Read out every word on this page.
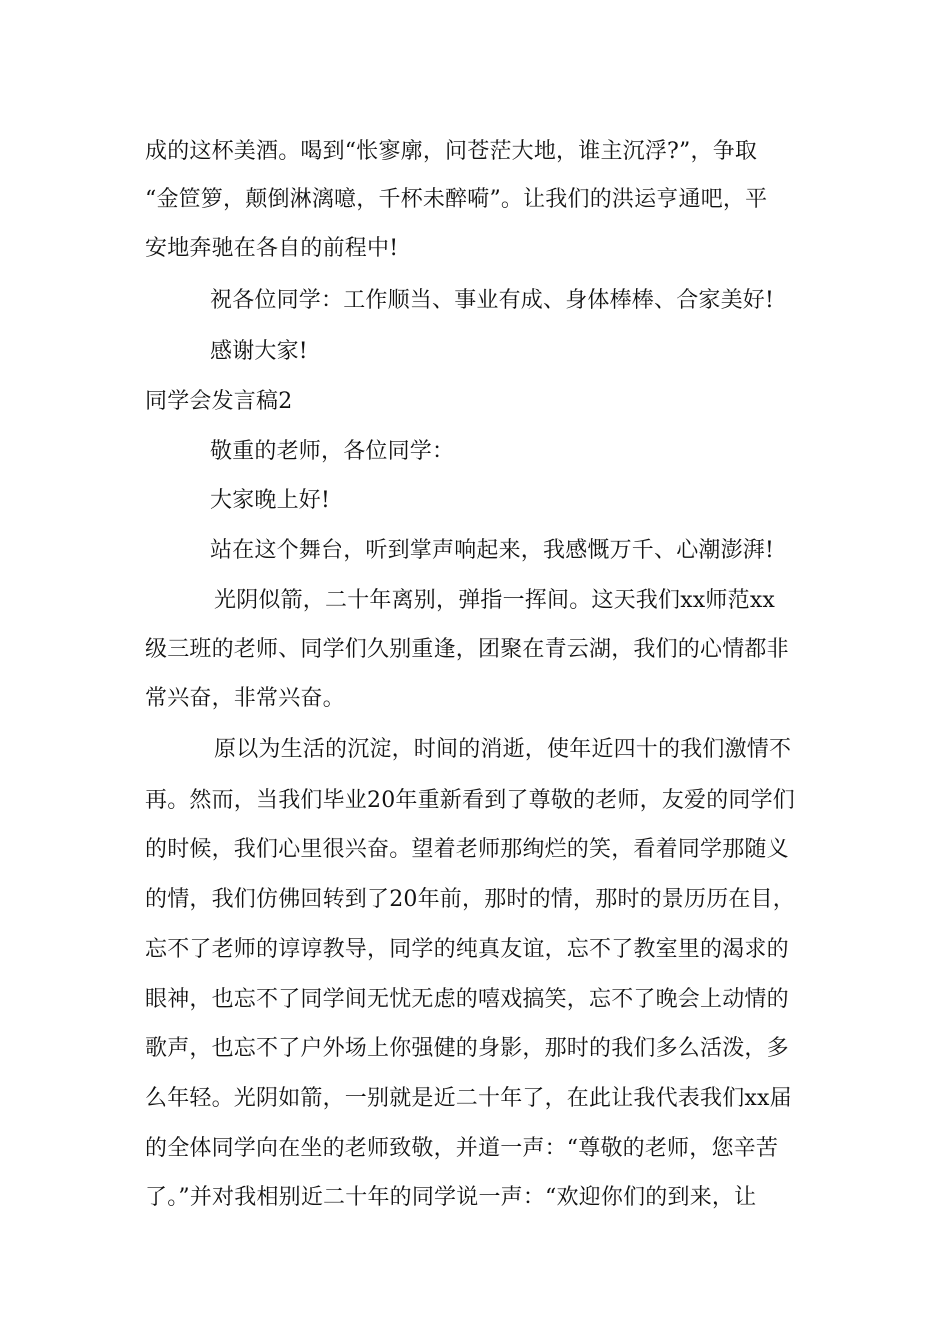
成的这杯美酒。喝到“怅寥廓，问苍茫大地，谁主沉浮?”，争取
“金笸箩，颠倒淋漓噫，千杯未醉嗬”。让我们的洪运亨通吧，平
安地奔驰在各自的前程中!
祝各位同学：工作顺当、事业有成、身体棒棒、合家美好!
感谢大家!
同学会发言稿2
敬重的老师，各位同学：
大家晚上好!
站在这个舞台，听到掌声响起来，我感慨万千、心潮澎湃!
光阴似箭，二十年离别，弹指一挥间。这天我们xx师范xx
级三班的老师、同学们久别重逢，团聚在青云湖，我们的心情都非
常兴奋，非常兴奋。
原以为生活的沉淀，时间的消逝，使年近四十的我们激情不
再。然而，当我们毕业20年重新看到了尊敬的老师，友爱的同学们
的时候，我们心里很兴奋。望着老师那绚烂的笑，看着同学那随义
的情，我们仿佛回转到了20年前，那时的情，那时的景历历在目，
忘不了老师的谆谆教导，同学的纯真友谊，忘不了教室里的渴求的
眼神，也忘不了同学间无忧无虑的嘻戏搞笑，忘不了晚会上动情的
歌声，也忘不了户外场上你强健的身影，那时的我们多么活泼，多
么年轻。光阴如箭，一别就是近二十年了，在此让我代表我们xx届
的全体同学向在坐的老师致敬，并道一声：“尊敬的老师，您辛苦
了。”并对我相别近二十年的同学说一声：“欢迎你们的到来，让
